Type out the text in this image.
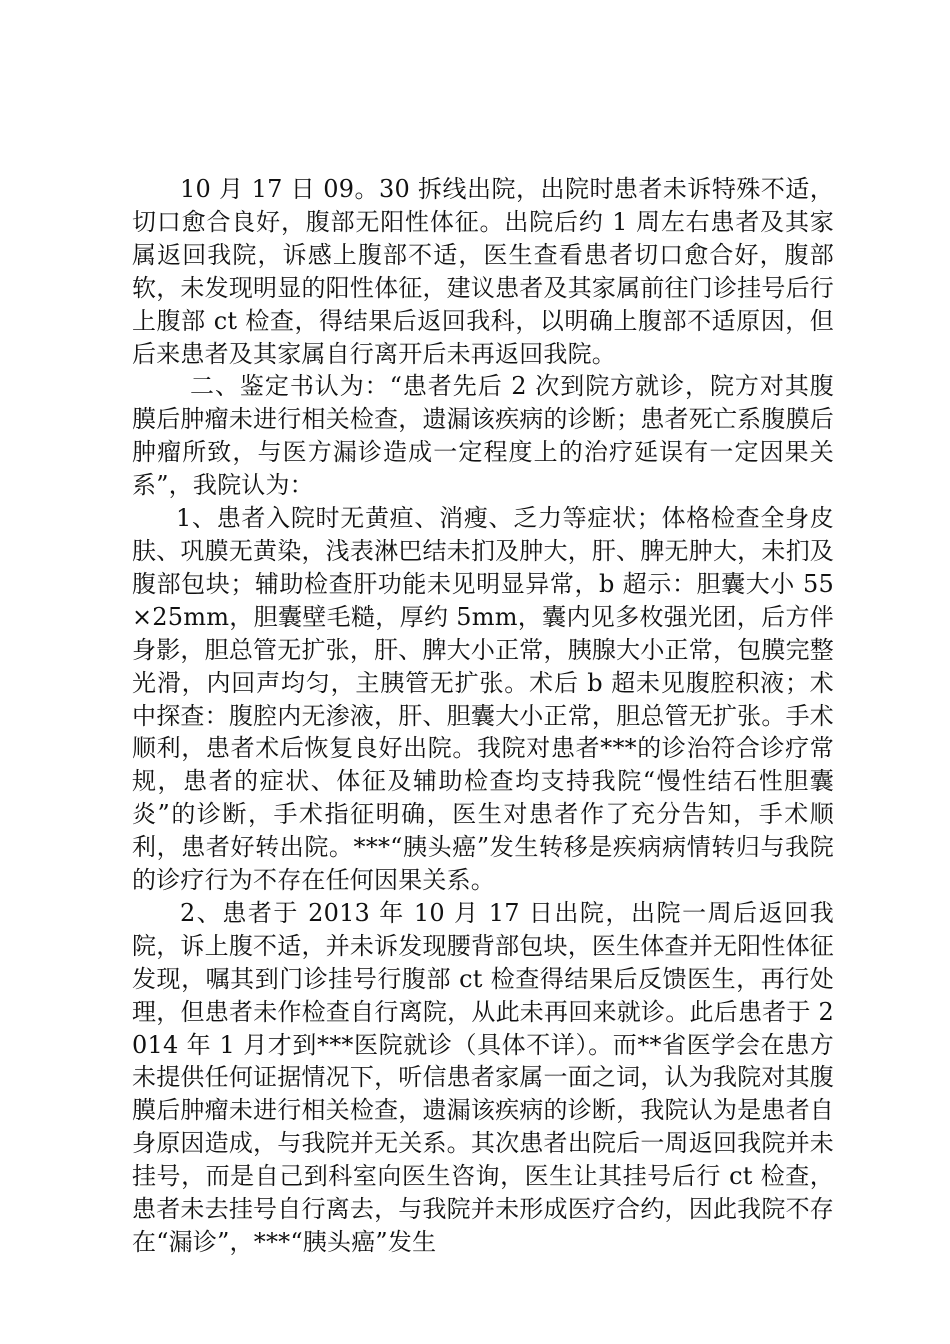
10 月 17 日 09。30 拆线出院，出院时患者未诉特殊不适，切口愈合良好，腹部无阳性体征。出院后约 1 周左右患者及其家属返回我院，诉感上腹部不适，医生查看患者切口愈合好，腹部软，未发现明显的阳性体征，建议患者及其家属前往门诊挂号后行上腹部 ct 检查，得结果后返回我科，以明确上腹部不适原因，但后来患者及其家属自行离开后未再返回我院。

二、鉴定书认为：“患者先后 2 次到院方就诊，院方对其腹膜后肿瘤未进行相关检查，遗漏该疾病的诊断；患者死亡系腹膜后肿瘤所致，与医方漏诊造成一定程度上的治疗延误有一定因果关系”，我院认为：

1、患者入院时无黄疸、消瘦、乏力等症状；体格检查全身皮肤、巩膜无黄染，浅表淋巴结未扪及肿大，肝、脾无肿大，未扪及腹部包块；辅助检查肝功能未见明显异常，b 超示：胆囊大小 55×25mm，胆囊壁毛糙，厚约 5mm，囊内见多枚强光团，后方伴身影，胆总管无扩张，肝、脾大小正常，胰腺大小正常，包膜完整光滑，内回声均匀，主胰管无扩张。术后 b 超未见腹腔积液；术中探查：腹腔内无渗液，肝、胆囊大小正常，胆总管无扩张。手术顺利，患者术后恢复良好出院。我院对患者***的诊治符合诊疗常规，患者的症状、体征及辅助检查均支持我院“慢性结石性胆囊炎”的诊断，手术指征明确，医生对患者作了充分告知，手术顺利，患者好转出院。***“胰头癌”发生转移是疾病病情转归与我院的诊疗行为不存在任何因果关系。

2、患者于 2013 年 10 月 17 日出院，出院一周后返回我院，诉上腹不适，并未诉发现腰背部包块，医生体查并无阳性体征发现，嘱其到门诊挂号行腹部 ct 检查得结果后反馈医生，再行处理，但患者未作检查自行离院，从此未再回来就诊。此后患者于 2014 年 1 月才到***医院就诊（具体不详）。而**省医学会在患方未提供任何证据情况下，听信患者家属一面之词，认为我院对其腹膜后肿瘤未进行相关检查，遗漏该疾病的诊断，我院认为是患者自身原因造成，与我院并无关系。其次患者出院后一周返回我院并未挂号，而是自己到科室向医生咨询，医生让其挂号后行 ct 检查，患者未去挂号自行离去，与我院并未形成医疗合约，因此我院不存在“漏诊”，***“胰头癌”发生
